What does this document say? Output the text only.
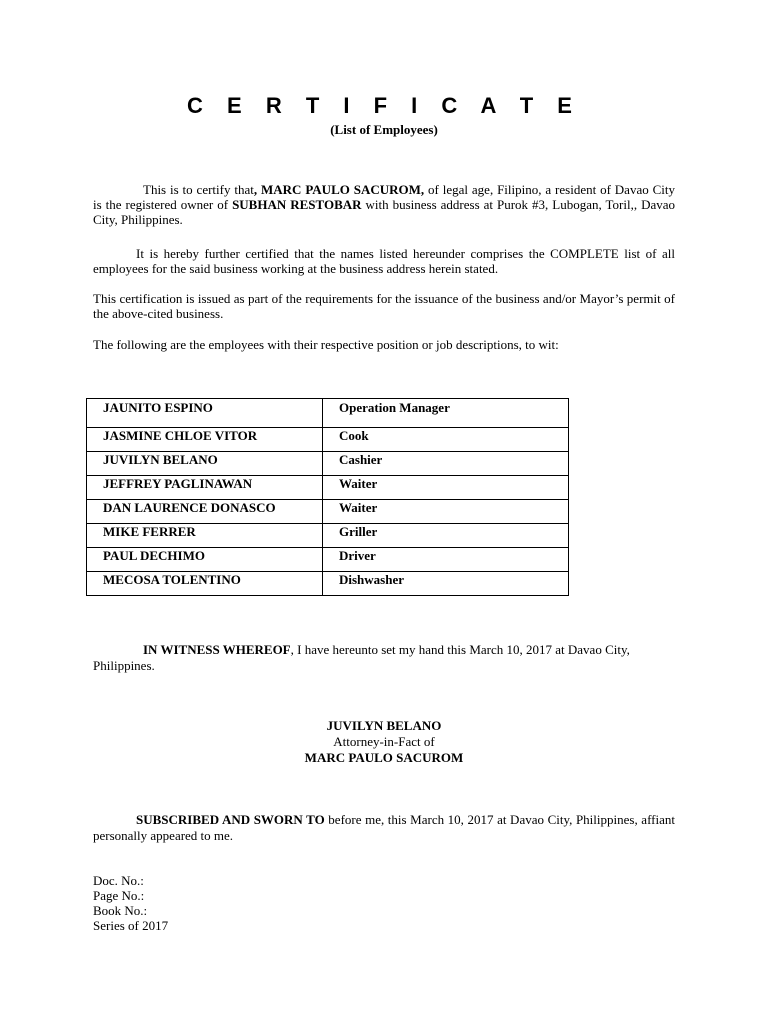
C E R T I F I C A T E
(List of Employees)
This is to certify that, MARC PAULO SACUROM, of legal age, Filipino, a resident of Davao City is the registered owner of SUBHAN RESTOBAR with business address at Purok #3, Lubogan, Toril,, Davao City, Philippines.
It is hereby further certified that the names listed hereunder comprises the COMPLETE list of all employees for the said business working at the business address herein stated.
This certification is issued as part of the requirements for the issuance of the business and/or Mayor’s permit of the above-cited business.
The following are the employees with their respective position or job descriptions, to wit:
JAUNITO ESPINO	Operation Manager
JASMINE CHLOE VITOR	Cook
JUVILYN BELANO	Cashier
JEFFREY PAGLINAWAN	Waiter
DAN LAURENCE DONASCO	Waiter
MIKE FERRER	Griller
PAUL DECHIMO	Driver
MECOSA TOLENTINO	Dishwasher
IN WITNESS WHEREOF, I have hereunto set my hand this March 10, 2017 at Davao City, Philippines.
JUVILYN BELANO
Attorney-in-Fact of
MARC PAULO SACUROM
SUBSCRIBED AND SWORN TO before me, this March 10, 2017 at Davao City, Philippines, affiant personally appeared to me.
Doc. No.:
Page No.:
Book No.:
Series of 2017
